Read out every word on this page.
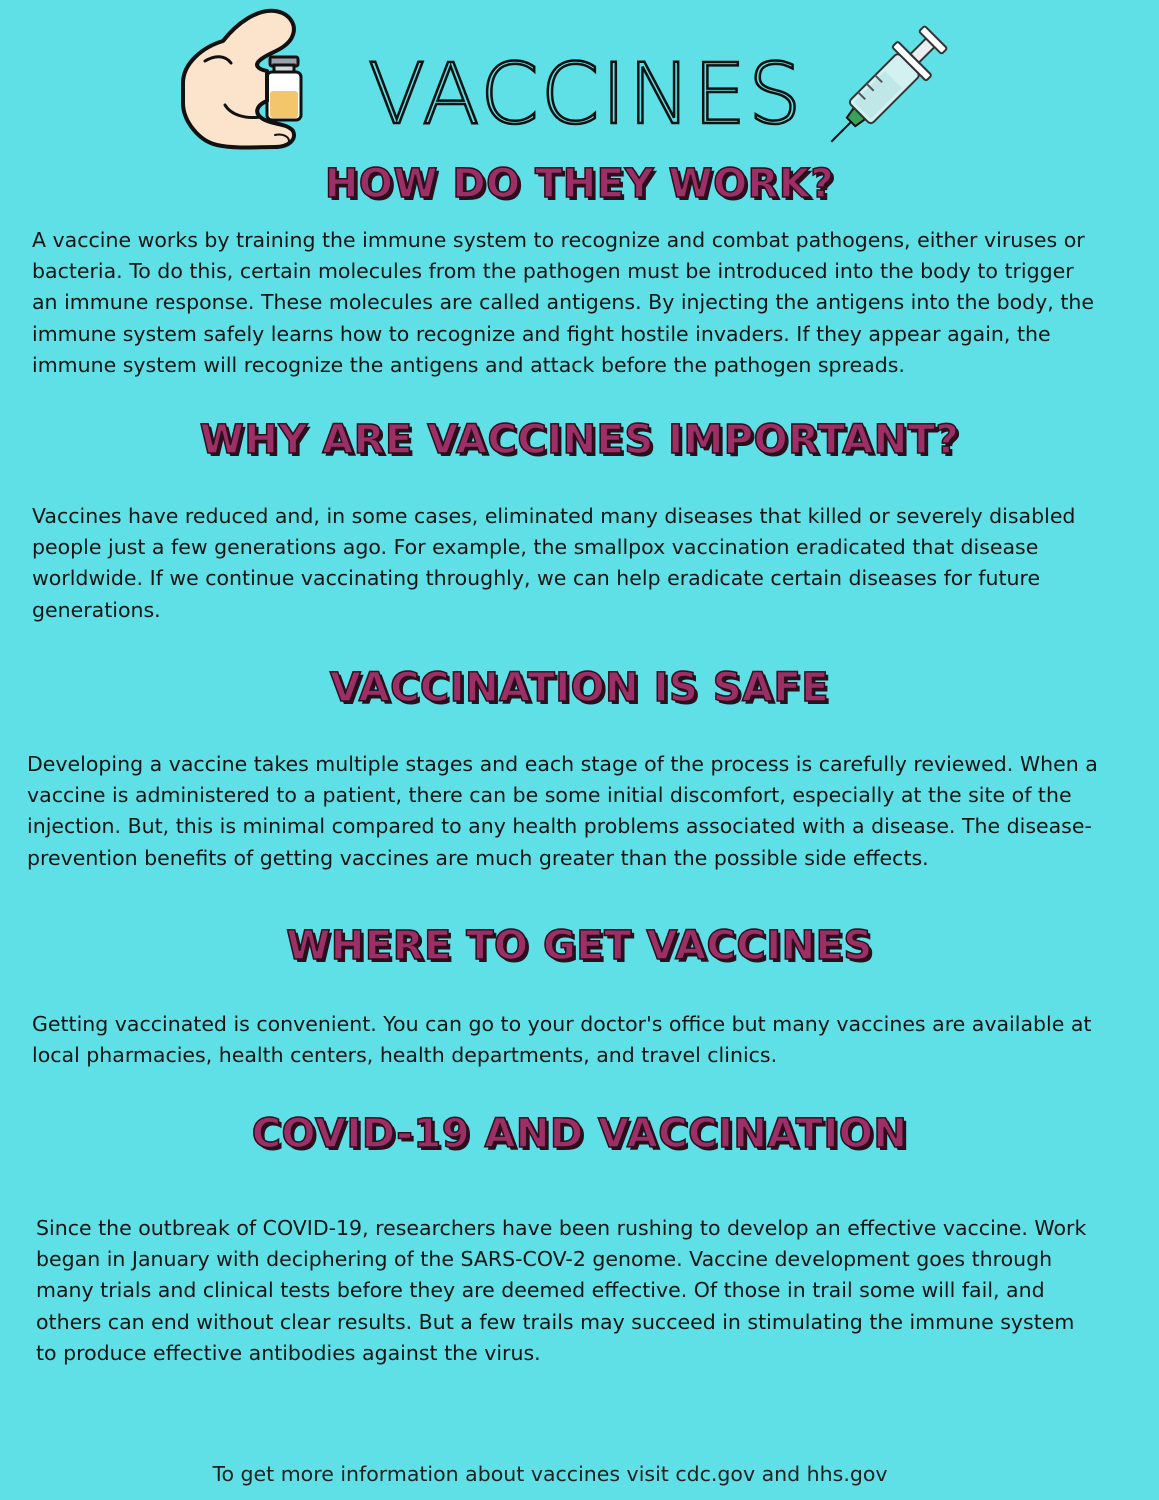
VACCINES
HOW DO THEY WORK?

A vaccine works by training the immune system to recognize and combat pathogens, either viruses or
bacteria. To do this, certain molecules from the pathogen must be introduced into the body to trigger
an immune response. These molecules are called antigens. By injecting the antigens into the body, the
immune system safely learns how to recognize and fight hostile invaders. If they appear again, the
immune system will recognize the antigens and attack before the pathogen spreads.

WHY ARE VACCINES IMPORTANT?

Vaccines have reduced and, in some cases, eliminated many diseases that killed or severely disabled
people just a few generations ago. For example, the smallpox vaccination eradicated that disease
worldwide. If we continue vaccinating throughly, we can help eradicate certain diseases for future
generations.

VACCINATION IS SAFE

Developing a vaccine takes multiple stages and each stage of the process is carefully reviewed. When a
vaccine is administered to a patient, there can be some initial discomfort, especially at the site of the
injection. But, this is minimal compared to any health problems associated with a disease. The disease-
prevention benefits of getting vaccines are much greater than the possible side effects.

WHERE TO GET VACCINES

Getting vaccinated is convenient. You can go to your doctor's office but many vaccines are available at
local pharmacies, health centers, health departments, and travel clinics.

COVID-19 AND VACCINATION

Since the outbreak of COVID-19, researchers have been rushing to develop an effective vaccine. Work
began in January with deciphering of the SARS-COV-2 genome. Vaccine development goes through
many trials and clinical tests before they are deemed effective. Of those in trail some will fail, and
others can end without clear results. But a few trails may succeed in stimulating the immune system
to produce effective antibodies against the virus.

To get more information about vaccines visit cdc.gov and hhs.gov
